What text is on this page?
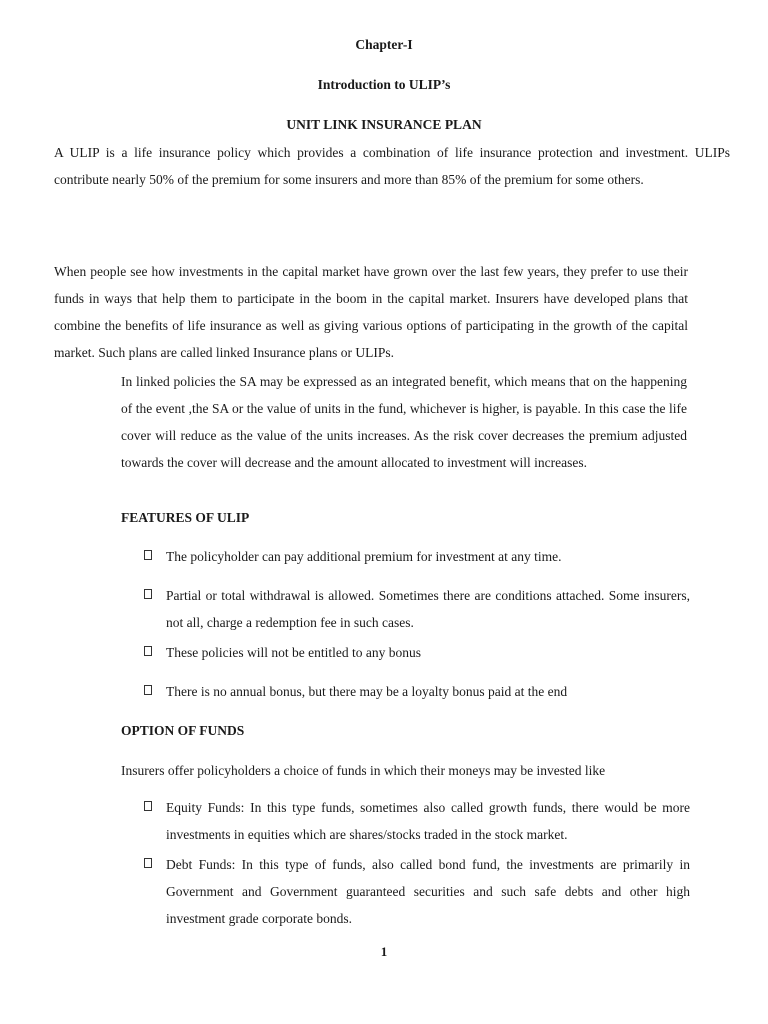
Chapter-I
Introduction to ULIP’s
UNIT LINK INSURANCE PLAN

A ULIP is a life insurance policy which provides a combination of life insurance protection and investment. ULIPs contribute nearly 50% of the premium for some insurers and more than 85% of the premium for some others.

When people see how investments in the capital market have grown over the last few years, they prefer to use their funds in ways that help them to participate in the boom in the capital market. Insurers have developed plans that combine the benefits of life insurance as well as giving various options of participating in the growth of the capital market. Such plans are called linked Insurance plans or ULIPs.

In linked policies the SA may be expressed as an integrated benefit, which means that on the happening of the event ,the SA or the value of units in the fund, whichever is higher, is payable. In this case the life cover will reduce as the value of the units increases. As the risk cover decreases the premium adjusted towards the cover will decrease and the amount allocated to investment will increases.

FEATURES OF ULIP
The policyholder can pay additional premium for investment at any time.
Partial or total withdrawal is allowed. Sometimes there are conditions attached. Some insurers, not all, charge a redemption fee in such cases.
These policies will not be entitled to any bonus
There is no annual bonus, but there may be a loyalty bonus paid at the end
OPTION OF FUNDS
Insurers offer policyholders a choice of funds in which their moneys may be invested like
Equity Funds: In this type funds, sometimes also called growth funds, there would be more investments in equities which are shares/stocks traded in the stock market.
Debt Funds: In this type of funds, also called bond fund, the investments are primarily in Government and Government guaranteed securities and such safe debts and other high investment grade corporate bonds.
1
